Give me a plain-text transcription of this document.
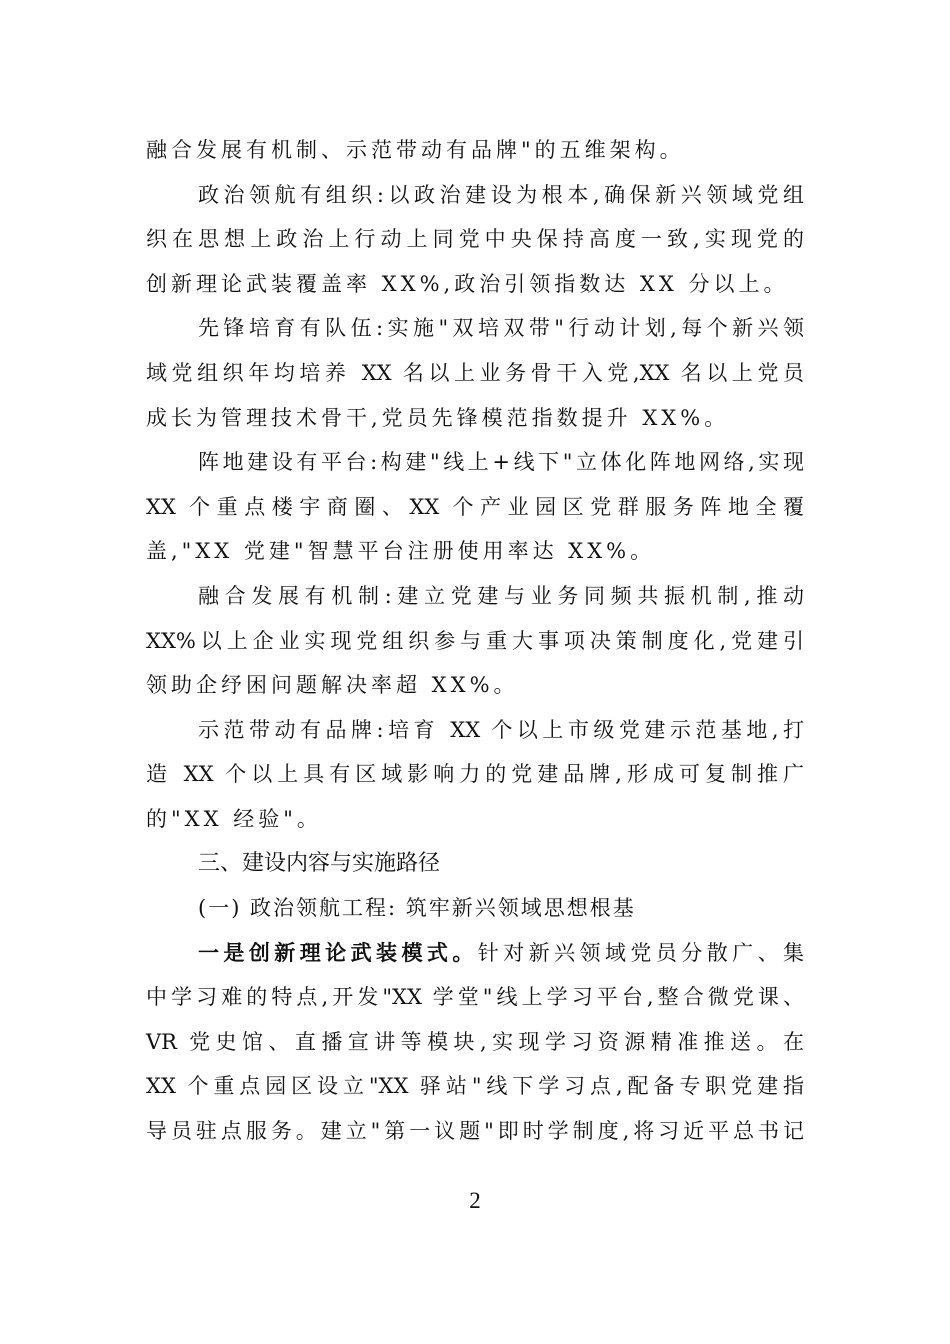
融合发展有机制、示范带动有品牌"的五维架构。
政治领航有组织:以政治建设为根本,确保新兴领域党组
织在思想上政治上行动上同党中央保持高度一致,实现党的
创新理论武装覆盖率 XX%,政治引领指数达 XX 分以上。
先锋培育有队伍:实施"双培双带"行动计划,每个新兴领
域党组织年均培养 XX 名以上业务骨干入党,XX 名以上党员
成长为管理技术骨干,党员先锋模范指数提升 XX%。
阵地建设有平台:构建"线上+线下"立体化阵地网络,实现
XX 个重点楼宇商圈、XX 个产业园区党群服务阵地全覆
盖,"XX 党建"智慧平台注册使用率达 XX%。
融合发展有机制:建立党建与业务同频共振机制,推动
XX%以上企业实现党组织参与重大事项决策制度化,党建引
领助企纾困问题解决率超 XX%。
示范带动有品牌:培育 XX 个以上市级党建示范基地,打
造 XX 个以上具有区域影响力的党建品牌,形成可复制推广
的"XX 经验"。
三、建设内容与实施路径
(一) 政治领航工程: 筑牢新兴领域思想根基
一是创新理论武装模式。针对新兴领域党员分散广、集
中学习难的特点,开发"XX 学堂"线上学习平台,整合微党课、
VR 党史馆、直播宣讲等模块,实现学习资源精准推送。在
XX 个重点园区设立"XX 驿站"线下学习点,配备专职党建指
导员驻点服务。建立"第一议题"即时学制度,将习近平总书记
2
